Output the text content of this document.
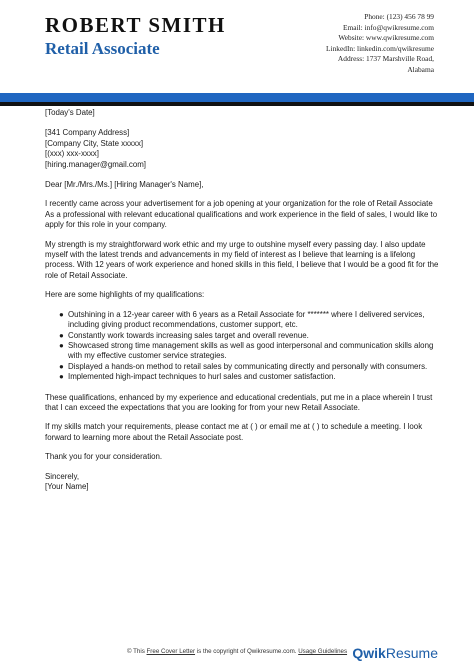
ROBERT SMITH
Retail Associate
Phone: (123) 456 78 99
Email: info@qwikresume.com
Website: www.qwikresume.com
LinkedIn: linkedin.com/qwikresume
Address: 1737 Marshville Road,
Alabama

[Today's Date]

[341 Company Address]

[Company City, State xxxxx]

[(xxx) xxx-xxxx]

[hiring.manager@gmail.com]

Dear [Mr./Mrs./Ms.] [Hiring Manager's Name],

I recently came across your advertisement for a job opening at your organization for the role of Retail Associate As a professional with relevant educational qualifications and work experience in the field of sales, I would like to apply for this role in your company.

My strength is my straightforward work ethic and my urge to outshine myself every passing day. I also update myself with the latest trends and advancements in my field of interest as I believe that learning is a lifelong process. With 12 years of work experience and honed skills in this field, I believe that I would be a good fit for the role of Retail Associate.

Here are some highlights of my qualifications:

● Outshining in a 12-year career with 6 years as a Retail Associate for ******* where I delivered services, including giving product recommendations, customer support, etc.
● Constantly work towards increasing sales target and overall revenue.
● Showcased strong time management skills as well as good interpersonal and communication skills along with my effective customer service strategies.
● Displayed a hands-on method to retail sales by communicating directly and personally with consumers.
● Implemented high-impact techniques to hurl sales and customer satisfaction.

These qualifications, enhanced by my experience and educational credentials, put me in a place wherein I trust that I can exceed the expectations that you are looking for from your new Retail Associate.

If my skills match your requirements, please contact me at ( ) or email me at ( ) to schedule a meeting. I look forward to learning more about the Retail Associate post.

Thank you for your consideration.

Sincerely,

[Your Name]

© This Free Cover Letter is the copyright of Qwikresume.com. Usage Guidelines QwikResume
